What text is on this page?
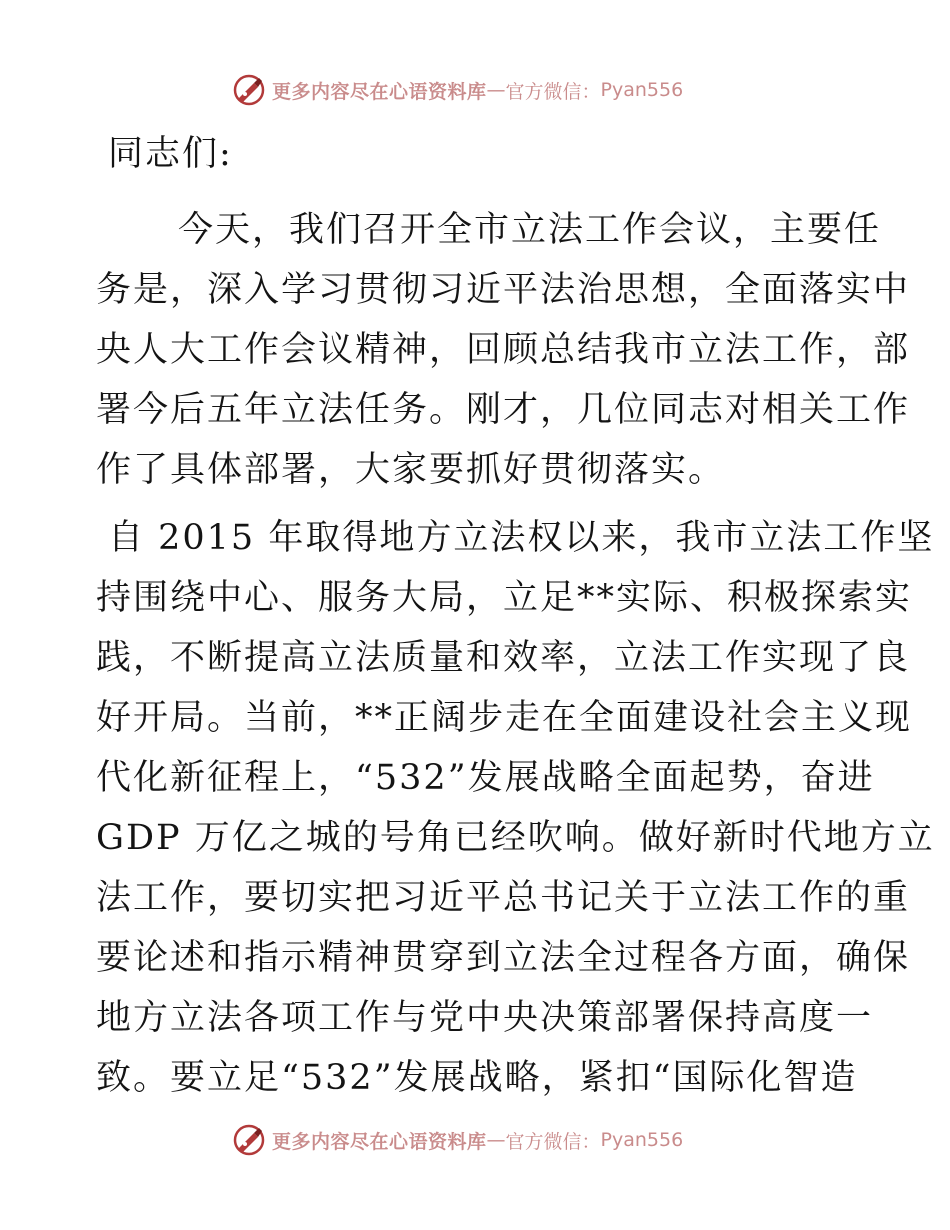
更多内容尽在心语资料库 — 官方微信： Pyan556
同志们:
今天，我们召开全市立法工作会议，主要任
务是，深入学习贯彻习近平法治思想，全面落实中
央人大工作会议精神，回顾总结我市立法工作，部
署今后五年立法任务。刚才，几位同志对相关工作
作了具体部署，大家要抓好贯彻落实。
自 2015 年取得地方立法权以来，我市立法工作坚
持围绕中心、服务大局，立足**实际、积极探索实
践，不断提高立法质量和效率，立法工作实现了良
好开局。当前，**正阔步走在全面建设社会主义现
代化新征程上，“532”发展战略全面起势，奋进
GDP 万亿之城的号角已经吹响。做好新时代地方立
法工作，要切实把习近平总书记关于立法工作的重
要论述和指示精神贯穿到立法全过程各方面，确保
地方立法各项工作与党中央决策部署保持高度一
致。要立足“532”发展战略，紧扣“国际化智造
更多内容尽在心语资料库 — 官方微信： Pyan556
